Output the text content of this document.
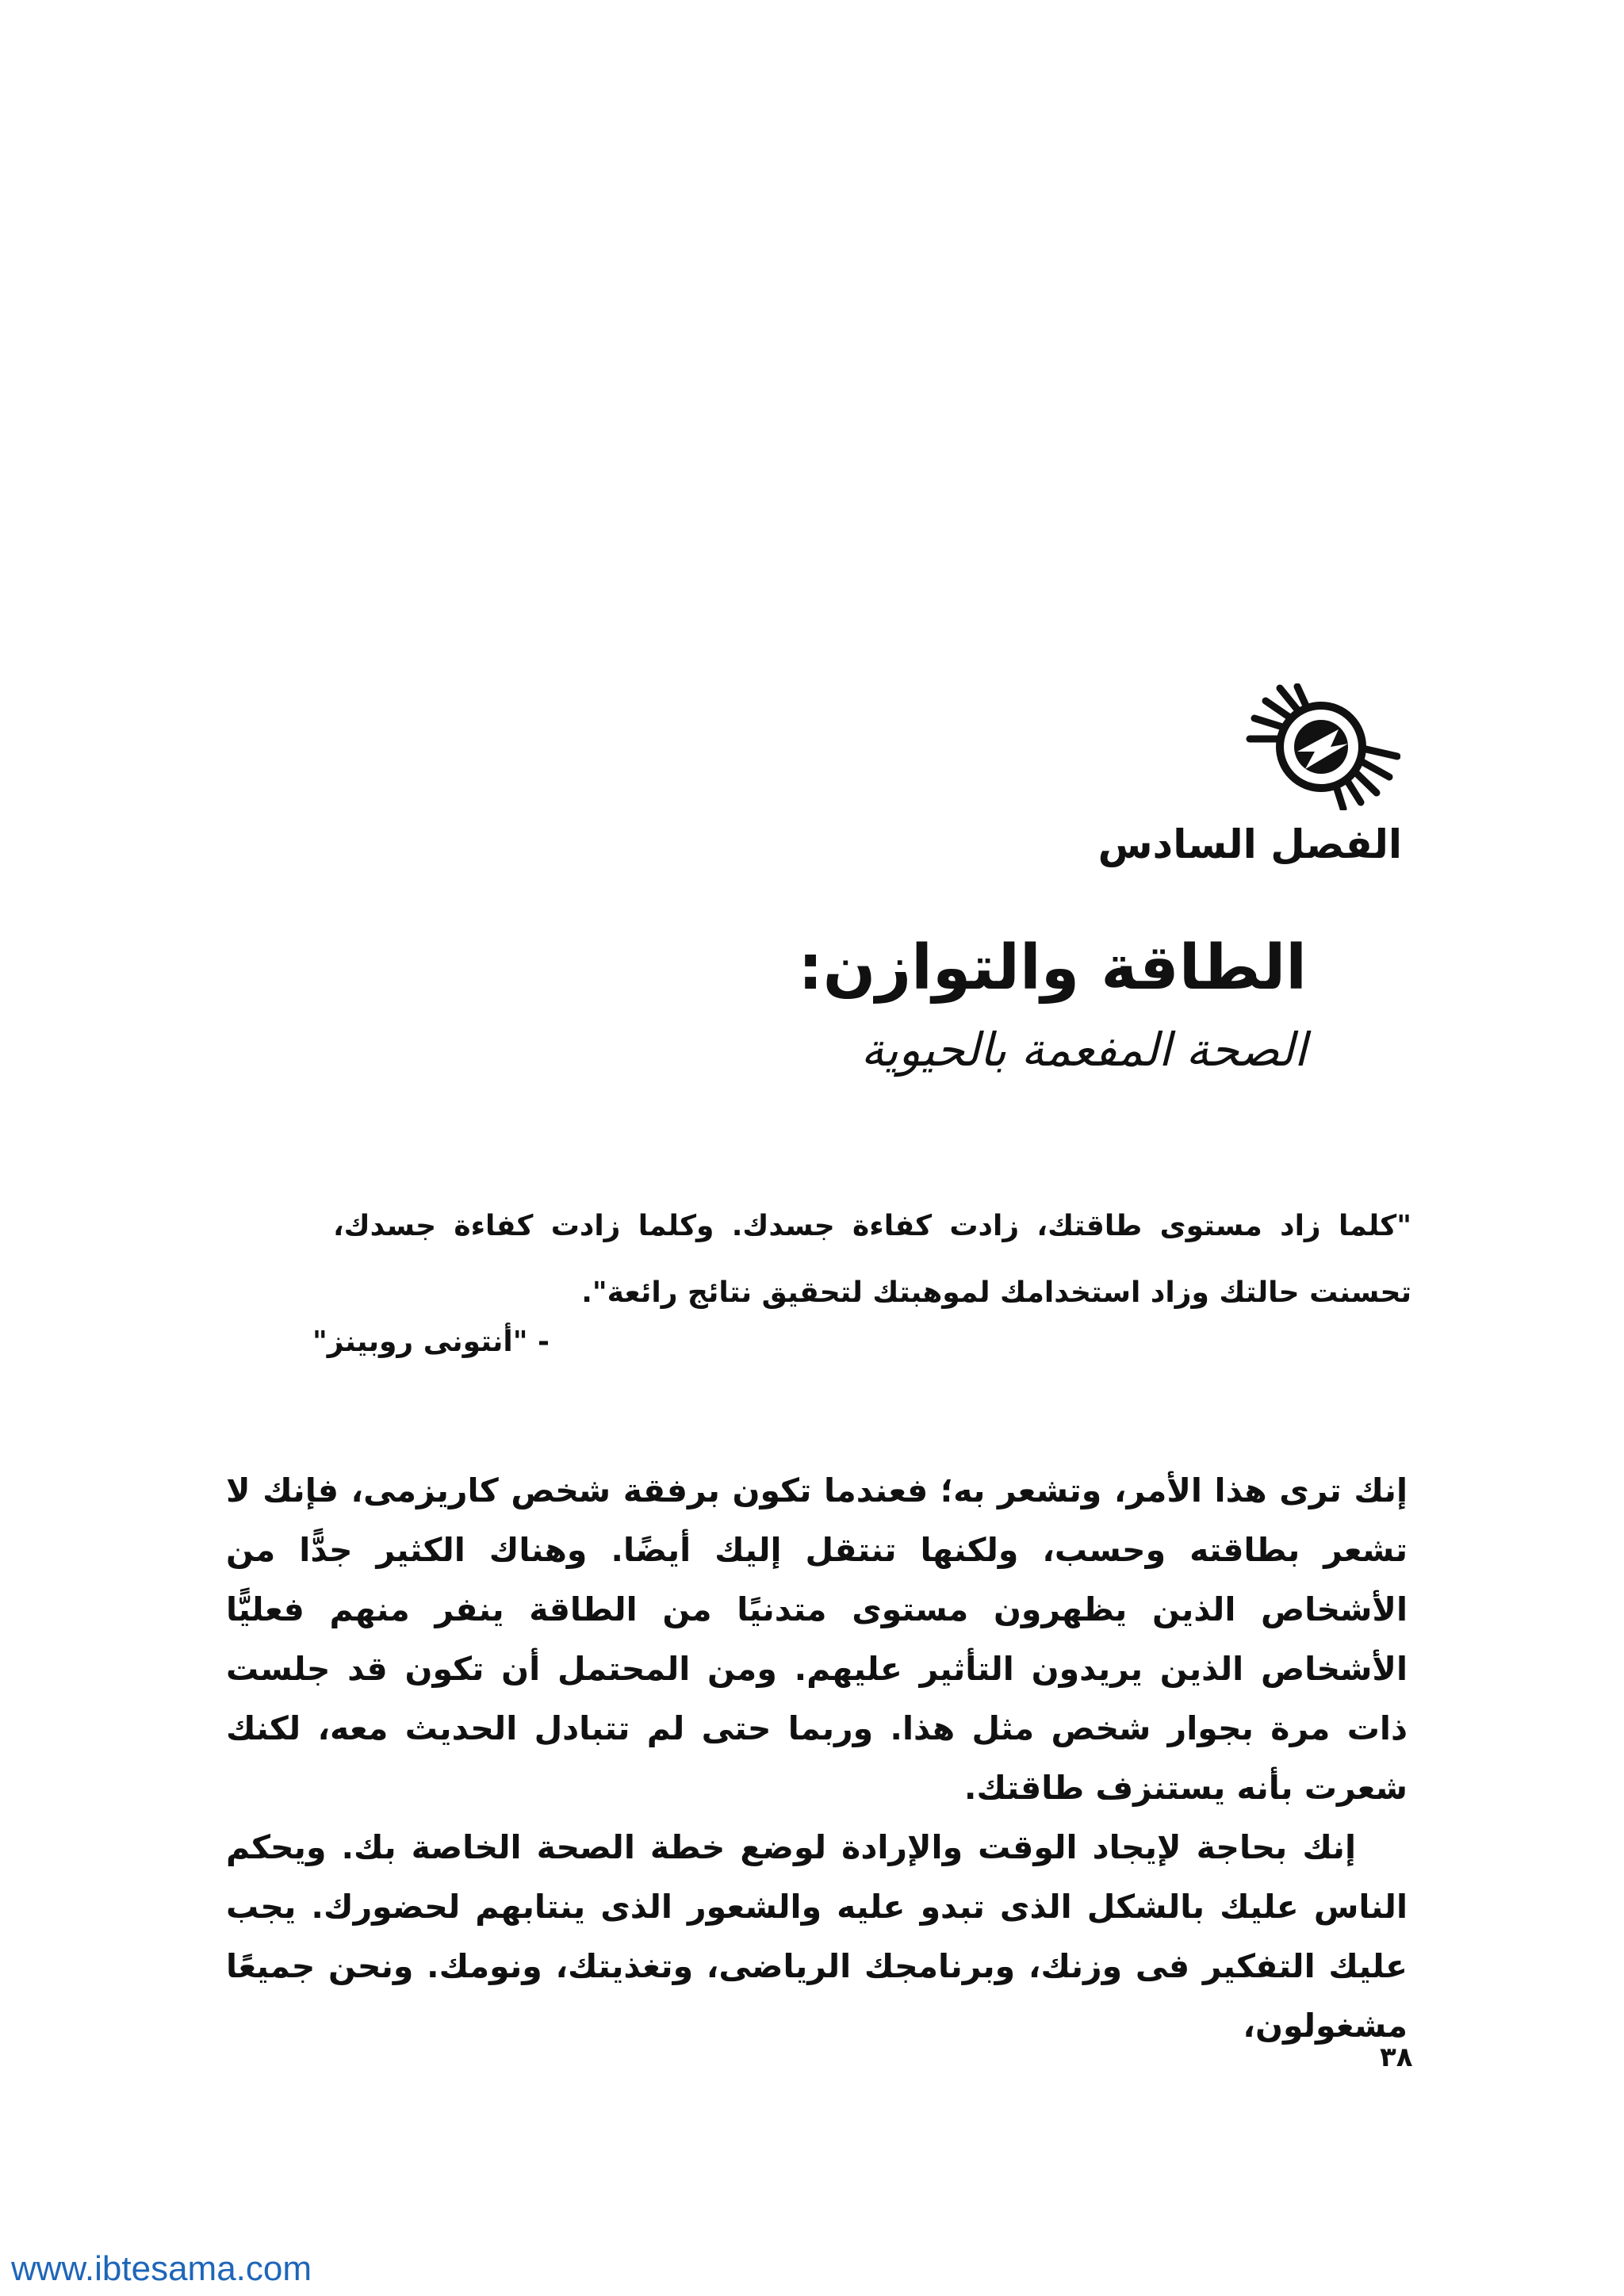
الفصل السادس
الطاقة والتوازن:
الصحة المفعمة بالحيوية

"كلما زاد مستوى طاقتك، زادت كفاءة جسدك. وكلما زادت كفاءة جسدك، تحسنت حالتك وزاد استخدامك لموهبتك لتحقيق نتائج رائعة".

- "أنتونى روبينز"

إنك ترى هذا الأمر، وتشعر به؛ فعندما تكون برفقة شخص كاريزمى، فإنك لا تشعر بطاقته وحسب، ولكنها تنتقل إليك أيضًا. وهناك الكثير جدًّا من الأشخاص الذين يظهرون مستوى متدنيًا من الطاقة ينفر منهم فعليًّا الأشخاص الذين يريدون التأثير عليهم. ومن المحتمل أن تكون قد جلست ذات مرة بجوار شخص مثل هذا. وربما حتى لم تتبادل الحديث معه، لكنك شعرت بأنه يستنزف طاقتك.

إنك بحاجة لإيجاد الوقت والإرادة لوضع خطة الصحة الخاصة بك. ويحكم الناس عليك بالشكل الذى تبدو عليه والشعور الذى ينتابهم لحضورك. يجب عليك التفكير فى وزنك، وبرنامجك الرياضى، وتغذيتك، ونومك. ونحن جميعًا مشغولون،

٣٨
www.ibtesama.com
